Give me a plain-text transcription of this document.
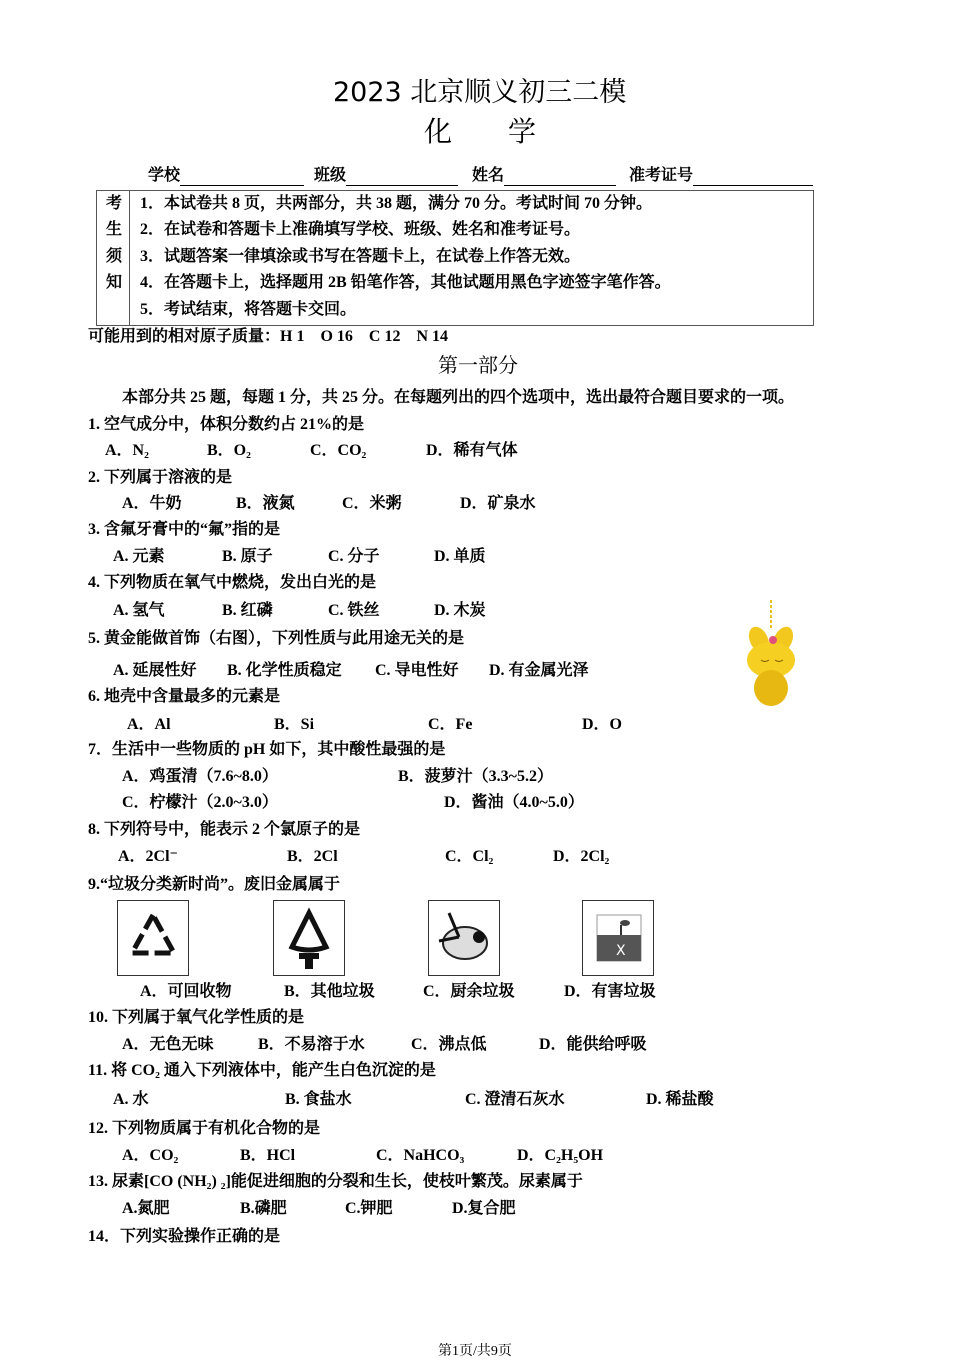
2023 北京顺义初三二模
化学
学校	班级	姓名	准考证号
考
生
须
知
1．本试卷共 8 页，共两部分，共 38 题，满分 70 分。考试时间 70 分钟。
2．在试卷和答题卡上准确填写学校、班级、姓名和准考证号。
3．试题答案一律填涂或书写在答题卡上，在试卷上作答无效。
4．在答题卡上，选择题用 2B 铅笔作答，其他试题用黑色字迹签字笔作答。
5．考试结束，将答题卡交回。
可能用到的相对原子质量：H 1　O 16　C 12　N 14
第一部分
本部分共 25 题，每题 1 分，共 25 分。在每题列出的四个选项中，选出最符合题目要求的一项。
1. 空气成分中，体积分数约占 21%的是
A．N₂	B．O₂	C．CO₂	D．稀有气体
2. 下列属于溶液的是
A．牛奶	B．液氮	C．米粥	D．矿泉水
3. 含氟牙膏中的“氟”指的是
A. 元素	B. 原子	C. 分子	D. 单质
4. 下列物质在氧气中燃烧，发出白光的是
A. 氢气	B. 红磷	C. 铁丝	D. 木炭
5. 黄金能做首饰（右图），下列性质与此用途无关的是
A. 延展性好 B. 化学性质稳定 C. 导电性好 D. 有金属光泽
6. 地壳中含量最多的元素是
A．Al	B．Si	C．Fe	D．O
7．生活中一些物质的 pH 如下，其中酸性最强的是
A．鸡蛋清（7.6~8.0）	B．菠萝汁（3.3~5.2）
C．柠檬汁（2.0~3.0）	D．酱油（4.0~5.0）
8. 下列符号中，能表示 2 个氯原子的是
A．2Cl⁻	B．2Cl	C．Cl₂	D．2Cl₂
9.“垃圾分类新时尚”。废旧金属属于
X
A．可回收物	B．其他垃圾	C．厨余垃圾	D．有害垃圾
10. 下列属于氧气化学性质的是
A．无色无味	B．不易溶于水	C．沸点低	D．能供给呼吸
11. 将 CO₂ 通入下列液体中，能产生白色沉淀的是
A. 水	B. 食盐水	C. 澄清石灰水	D. 稀盐酸
12. 下列物质属于有机化合物的是
A．CO₂	B．HCl	C．NaHCO₃	D．C₂H₅OH
13. 尿素[CO (NH₂) ₂]能促进细胞的分裂和生长，使枝叶繁茂。尿素属于
A.氮肥	B.磷肥	C.钾肥	D.复合肥
14．下列实验操作正确的是
第1页/共9页
